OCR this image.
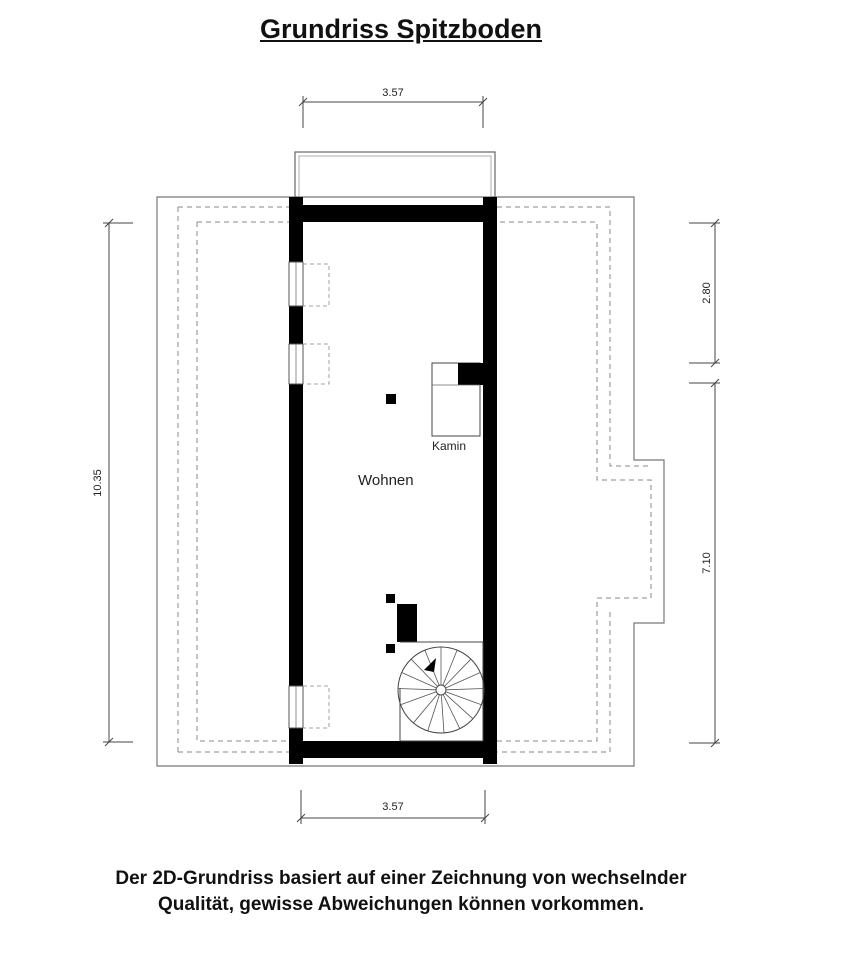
Grundriss Spitzboden
Kamin
Wohnen
3.57
3.57
10.35
2.80
7.10
Der 2D-Grundriss basiert auf einer Zeichnung von wechselnder
Qualität, gewisse Abweichungen können vorkommen.
